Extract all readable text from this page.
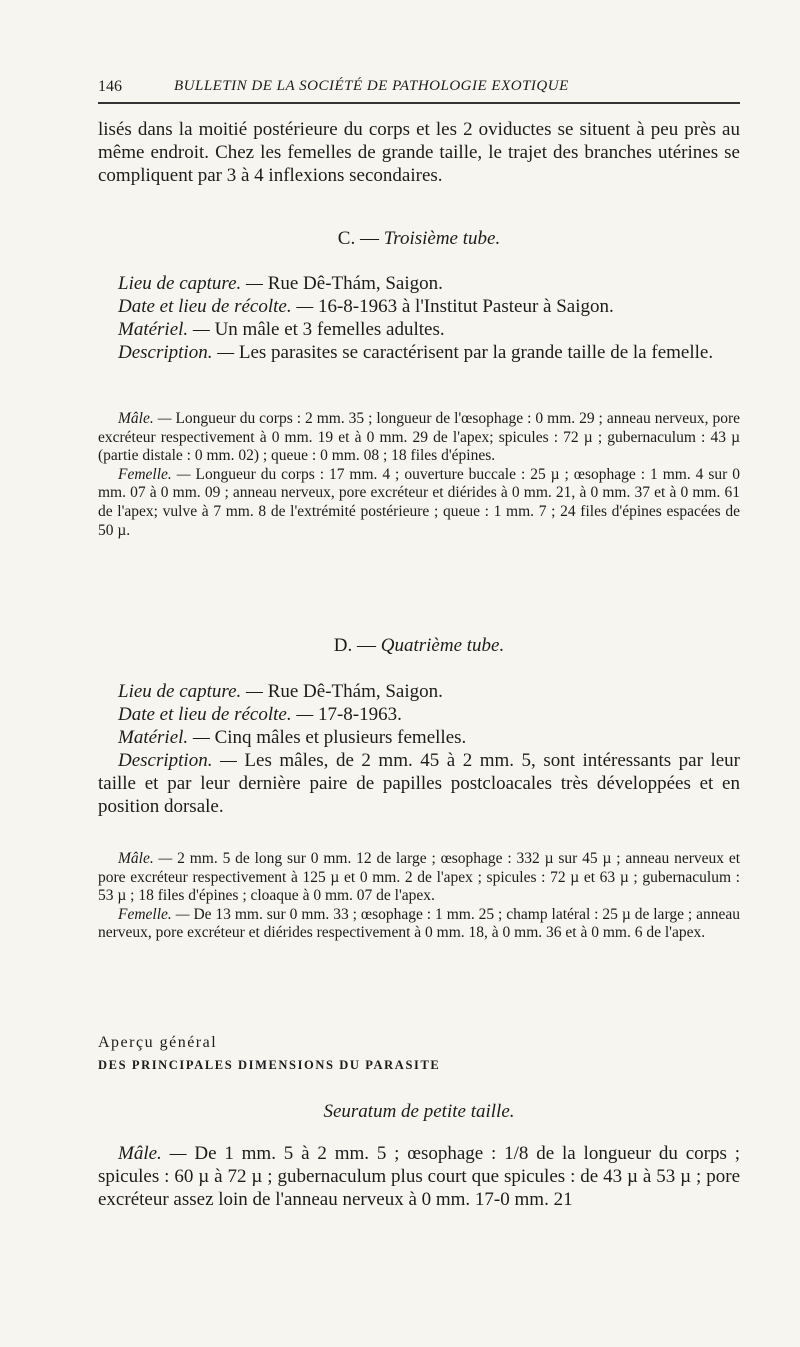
146	BULLETIN DE LA SOCIÉTÉ DE PATHOLOGIE EXOTIQUE

lisés dans la moitié postérieure du corps et les 2 oviductes se situent à peu près au même endroit. Chez les femelles de grande taille, le trajet des branches utérines se compliquent par 3 à 4 inflexions secondaires.

C. — Troisième tube.

Lieu de capture. — Rue Dê-Thám, Saigon.

Date et lieu de récolte. — 16-8-1963 à l'Institut Pasteur à Saigon.

Matériel. — Un mâle et 3 femelles adultes.

Description. — Les parasites se caractérisent par la grande taille de la femelle.

Mâle. — Longueur du corps : 2 mm. 35 ; longueur de l'œsophage : 0 mm. 29 ; anneau nerveux, pore excréteur respectivement à 0 mm. 19 et à 0 mm. 29 de l'apex; spicules : 72 µ ; gubernaculum : 43 µ (partie distale : 0 mm. 02) ; queue : 0 mm. 08 ; 18 files d'épines.

Femelle. — Longueur du corps : 17 mm. 4 ; ouverture buccale : 25 µ ; œsophage : 1 mm. 4 sur 0 mm. 07 à 0 mm. 09 ; anneau nerveux, pore excréteur et diérides à 0 mm. 21, à 0 mm. 37 et à 0 mm. 61 de l'apex; vulve à 7 mm. 8 de l'extrémité postérieure ; queue : 1 mm. 7 ; 24 files d'épines espacées de 50 µ.

D. — Quatrième tube.

Lieu de capture. — Rue Dê-Thám, Saigon.

Date et lieu de récolte. — 17-8-1963.

Matériel. — Cinq mâles et plusieurs femelles.

Description. — Les mâles, de 2 mm. 45 à 2 mm. 5, sont intéressants par leur taille et par leur dernière paire de papilles postcloacales très développées et en position dorsale.

Mâle. — 2 mm. 5 de long sur 0 mm. 12 de large ; œsophage : 332 µ sur 45 µ ; anneau nerveux et pore excréteur respectivement à 125 µ et 0 mm. 2 de l'apex ; spicules : 72 µ et 63 µ ; gubernaculum : 53 µ ; 18 files d'épines ; cloaque à 0 mm. 07 de l'apex.

Femelle. — De 13 mm. sur 0 mm. 33 ; œsophage : 1 mm. 25 ; champ latéral : 25 µ de large ; anneau nerveux, pore excréteur et diérides respectivement à 0 mm. 18, à 0 mm. 36 et à 0 mm. 6 de l'apex.

Aperçu général

DES PRINCIPALES DIMENSIONS DU PARASITE

Seuratum de petite taille.

Mâle. — De 1 mm. 5 à 2 mm. 5 ; œsophage : 1/8 de la longueur du corps ; spicules : 60 µ à 72 µ ; gubernaculum plus court que spicules : de 43 µ à 53 µ ; pore excréteur assez loin de l'anneau nerveux à 0 mm. 17-0 mm. 21
